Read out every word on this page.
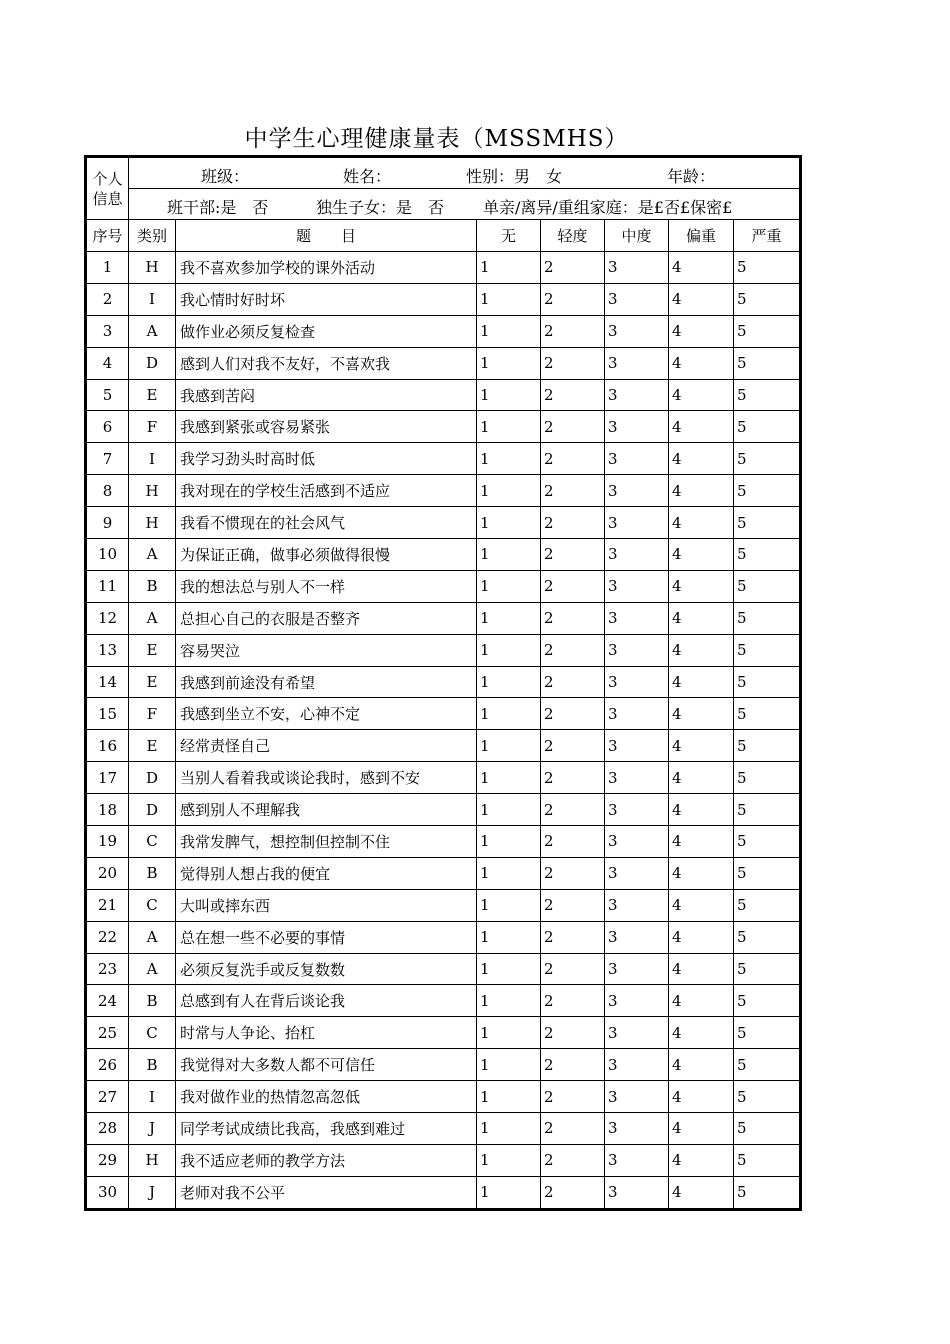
中学生心理健康量表（MSSMHS）
个人信息	班级： 姓名： 性别：男　女 年龄：						

	班干部:是　否 独生子女：是　否 单亲/离异/重组家庭：是£否£保密£						

序号	类别	题　　目	无	轻度	中度	偏重	严重
1	H	我不喜欢参加学校的课外活动	1	2	3	4	5
2	I	我心情时好时坏	1	2	3	4	5
3	A	做作业必须反复检查	1	2	3	4	5
4	D	感到人们对我不友好，不喜欢我	1	2	3	4	5
5	E	我感到苦闷	1	2	3	4	5
6	F	我感到紧张或容易紧张	1	2	3	4	5
7	I	我学习劲头时高时低	1	2	3	4	5
8	H	我对现在的学校生活感到不适应	1	2	3	4	5
9	H	我看不惯现在的社会风气	1	2	3	4	5
10	A	为保证正确，做事必须做得很慢	1	2	3	4	5
11	B	我的想法总与别人不一样	1	2	3	4	5
12	A	总担心自己的衣服是否整齐	1	2	3	4	5
13	E	容易哭泣	1	2	3	4	5
14	E	我感到前途没有希望	1	2	3	4	5
15	F	我感到坐立不安，心神不定	1	2	3	4	5
16	E	经常责怪自己	1	2	3	4	5
17	D	当别人看着我或谈论我时，感到不安	1	2	3	4	5
18	D	感到别人不理解我	1	2	3	4	5
19	C	我常发脾气，想控制但控制不住	1	2	3	4	5
20	B	觉得别人想占我的便宜	1	2	3	4	5
21	C	大叫或摔东西	1	2	3	4	5
22	A	总在想一些不必要的事情	1	2	3	4	5
23	A	必须反复洗手或反复数数	1	2	3	4	5
24	B	总感到有人在背后谈论我	1	2	3	4	5
25	C	时常与人争论、抬杠	1	2	3	4	5
26	B	我觉得对大多数人都不可信任	1	2	3	4	5
27	I	我对做作业的热情忽高忽低	1	2	3	4	5
28	J	同学考试成绩比我高，我感到难过	1	2	3	4	5
29	H	我不适应老师的教学方法	1	2	3	4	5
30	J	老师对我不公平	1	2	3	4	5
